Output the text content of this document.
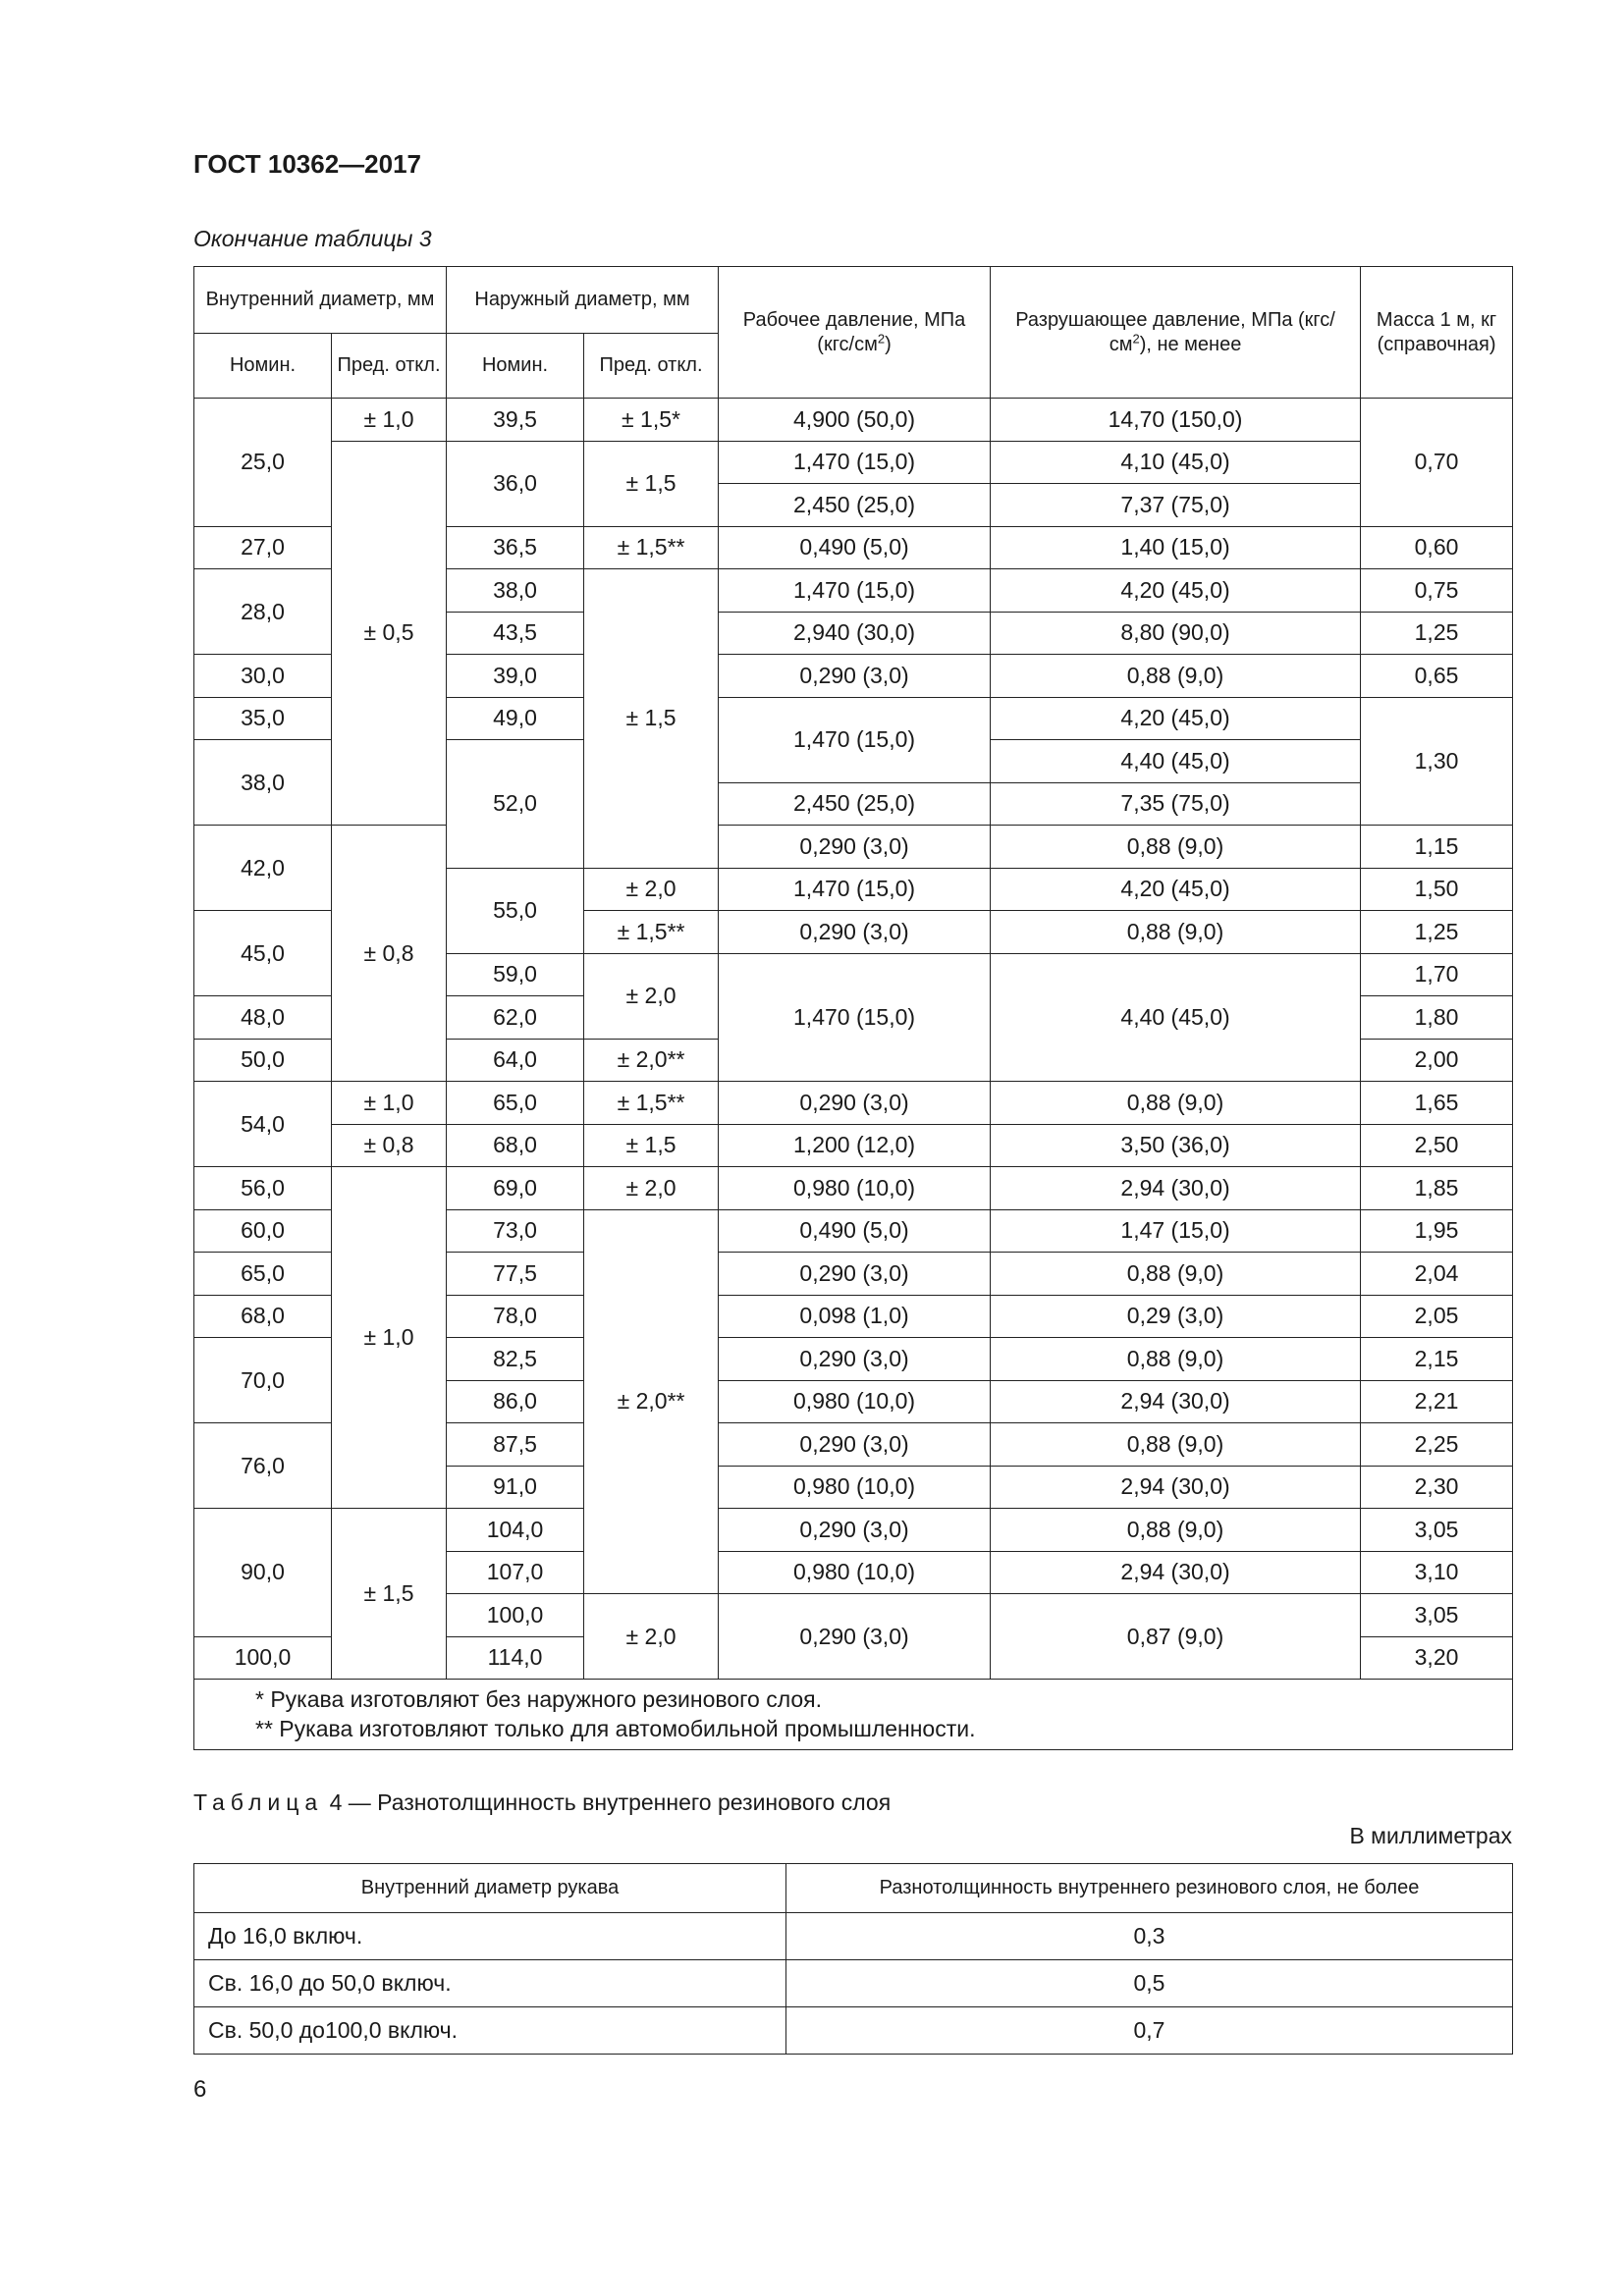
ГОСТ 10362—2017
Окончание таблицы 3
Внутренний диаметр, мм		Наружный диаметр, мм		Рабочее давление, МПа $(кгс/см^2)$	Разрушающее давление, МПа $(кгс/см^2)$, не менее	Масса 1 м, кг (справочная)
Номин.	Пред. откл.	Номин.	Пред. откл.			
25,0	± 1,0	39,5	± 1,5*	4,900 (50,0)	14,70 (150,0)	0,70
	± 0,5	36,0	± 1,5	1,470 (15,0)	4,10 (45,0)	
				2,450 (25,0)	7,37 (75,0)	
27,0		36,5	± 1,5**	0,490 (5,0)	1,40 (15,0)	0,60
28,0		38,0	± 1,5	1,470 (15,0)	4,20 (45,0)	0,75
		43,5		2,940 (30,0)	8,80 (90,0)	1,25
30,0		39,0		0,290 (3,0)	0,88 (9,0)	0,65
35,0		49,0		1,470 (15,0)	4,20 (45,0)	1,30
38,0		52,0			4,40 (45,0)	
				2,450 (25,0)	7,35 (75,0)	
42,0	± 0,8			0,290 (3,0)	0,88 (9,0)	1,15
		55,0	± 2,0	1,470 (15,0)	4,20 (45,0)	1,50
45,0			± 1,5**	0,290 (3,0)	0,88 (9,0)	1,25
		59,0	± 2,0	1,470 (15,0)	4,40 (45,0)	1,70
48,0		62,0				1,80
50,0		64,0	± 2,0**			2,00
54,0	± 1,0	65,0	± 1,5**	0,290 (3,0)	0,88 (9,0)	1,65
	± 0,8	68,0	± 1,5	1,200 (12,0)	3,50 (36,0)	2,50
56,0	± 1,0	69,0	± 2,0	0,980 (10,0)	2,94 (30,0)	1,85
60,0		73,0	± 2,0**	0,490 (5,0)	1,47 (15,0)	1,95
65,0		77,5		0,290 (3,0)	0,88 (9,0)	2,04
68,0		78,0		0,098 (1,0)	0,29 (3,0)	2,05
70,0		82,5		0,290 (3,0)	0,88 (9,0)	2,15
		86,0		0,980 (10,0)	2,94 (30,0)	2,21
76,0		87,5		0,290 (3,0)	0,88 (9,0)	2,25
		91,0		0,980 (10,0)	2,94 (30,0)	2,30
90,0	± 1,5	104,0		0,290 (3,0)	0,88 (9,0)	3,05
		107,0		0,980 (10,0)	2,94 (30,0)	3,10
		100,0	± 2,0	0,290 (3,0)	0,87 (9,0)	3,05
100,0		114,0				3,20

* Рукава изготовляют без наружного резинового слоя.
** Рукава изготовляют только для автомобильной промышленности.						
Таблица 4 — Разнотолщинность внутреннего резинового слоя
В миллиметрах
Внутренний диаметр рукава	Разнотолщинность внутреннего резинового слоя, не более
До 16,0 включ.	0,3
Св. 16,0 до 50,0 включ.	0,5
Св. 50,0 до100,0 включ.	0,7
6
